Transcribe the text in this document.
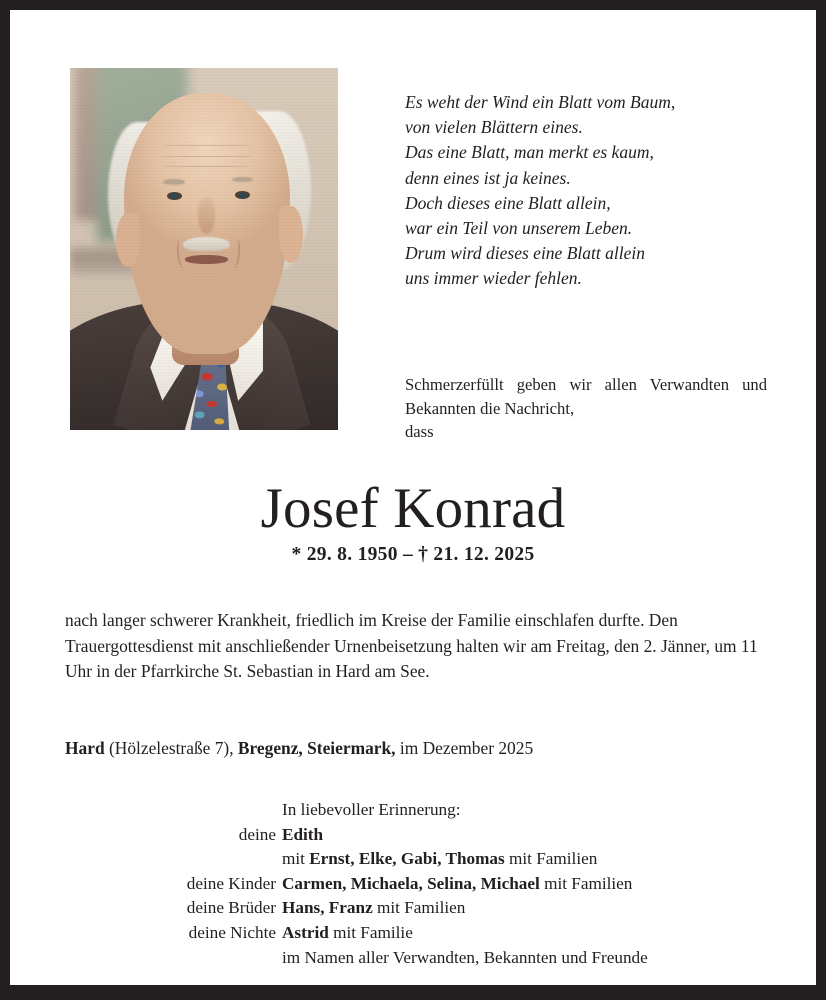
Es weht der Wind ein Blatt vom Baum,
von vielen Blättern eines.
Das eine Blatt, man merkt es kaum,
denn eines ist ja keines.
Doch dieses eine Blatt allein,
war ein Teil von unserem Leben.
Drum wird dieses eine Blatt allein
uns immer wieder fehlen.
Schmerzerfüllt geben wir allen Verwandten und Bekannten die Nachricht,
dass
Josef Konrad
* 29. 8. 1950 – † 21. 12. 2025
nach langer schwerer Krankheit, friedlich im Kreise der Familie einschlafen durfte. Den Trauergottesdienst mit anschließender Urnenbeisetzung halten wir am Freitag, den 2. Jänner, um 11 Uhr in der Pfarrkirche St. Sebastian in Hard am See.
Hard (Hölzelestraße 7), Bregenz, Steiermark, im Dezember 2025
In liebevoller Erinnerung:
deine Edith
mit Ernst, Elke, Gabi, Thomas mit Familien
deine Kinder Carmen, Michaela, Selina, Michael mit Familien
deine Brüder Hans, Franz mit Familien
deine Nichte Astrid mit Familie
im Namen aller Verwandten, Bekannten und Freunde
